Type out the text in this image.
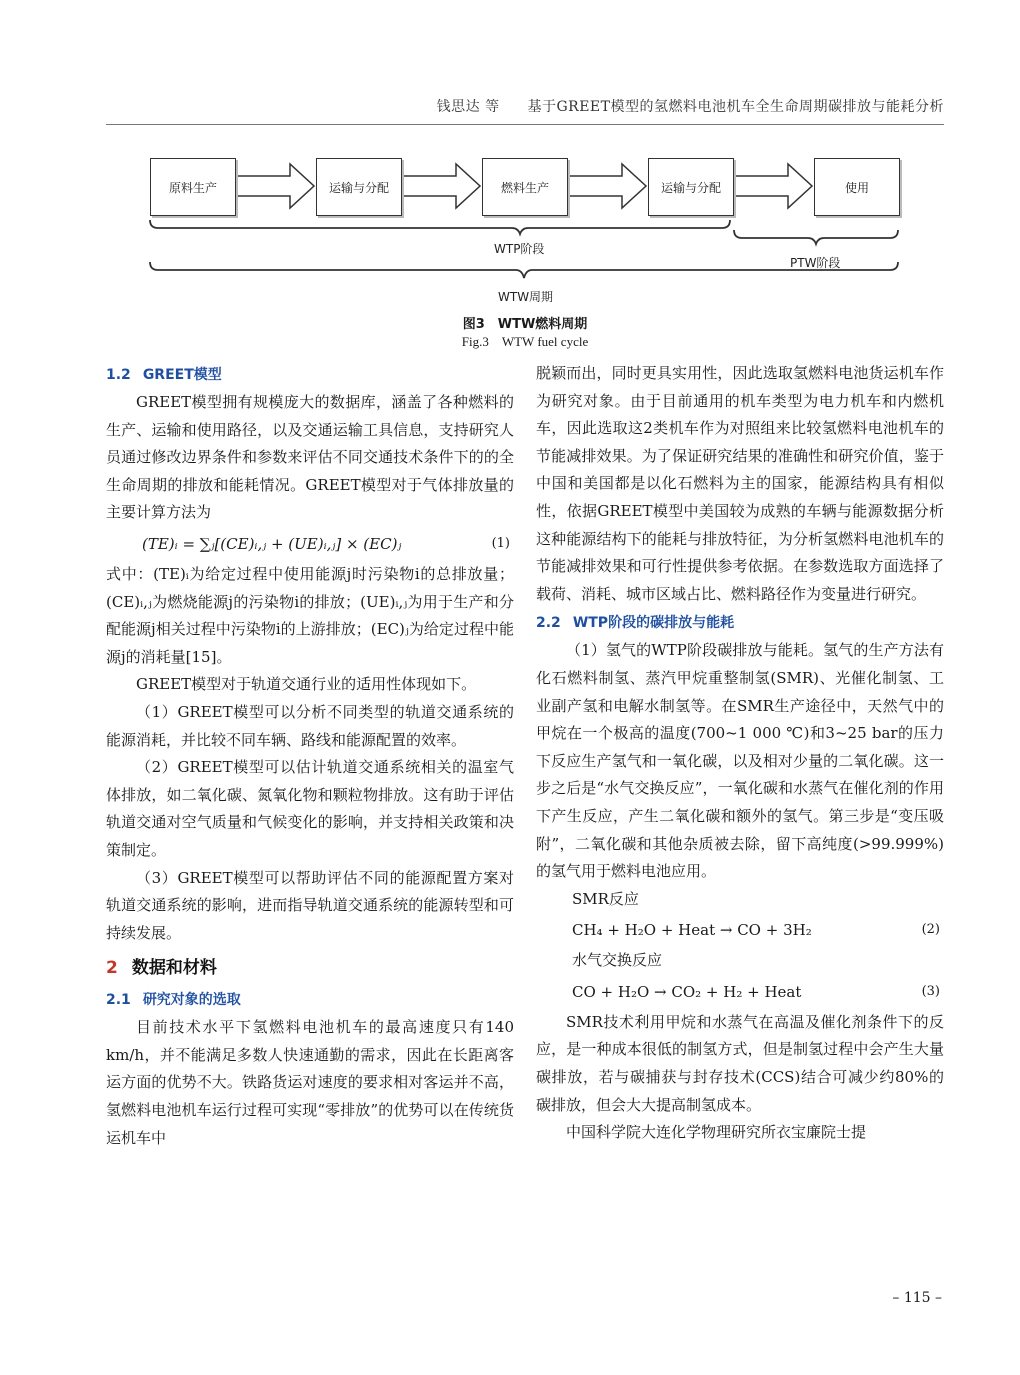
钱思达 等 基于GREET模型的氢燃料电池机车全生命周期碳排放与能耗分析
原料生产	运输与分配	燃料生产	运输与分配	使用
WTP阶段
PTW阶段
WTW周期
图3　WTW燃料周期
Fig.3　WTW fuel cycle
1.2 GREET模型

GREET模型拥有规模庞大的数据库，涵盖了各种燃料的生产、运输和使用路径，以及交通运输工具信息，支持研究人员通过修改边界条件和参数来评估不同交通技术条件下的的全生命周期的排放和能耗情况。GREET模型对于气体排放量的主要计算方法为

(TE)ᵢ = ∑ⱼ[(CE)ᵢ,ⱼ + (UE)ᵢ,ⱼ] × (EC)ⱼ	(1)

式中：(TE)ᵢ为给定过程中使用能源j时污染物i的总排放量；(CE)ᵢ,ⱼ为燃烧能源j的污染物i的排放；(UE)ᵢ,ⱼ为用于生产和分配能源j相关过程中污染物i的上游排放；(EC)ⱼ为给定过程中能源j的消耗量[15]。

GREET模型对于轨道交通行业的适用性体现如下。

（1）GREET模型可以分析不同类型的轨道交通系统的能源消耗，并比较不同车辆、路线和能源配置的效率。

（2）GREET模型可以估计轨道交通系统相关的温室气体排放，如二氧化碳、氮氧化物和颗粒物排放。这有助于评估轨道交通对空气质量和气候变化的影响，并支持相关政策和决策制定。

（3）GREET模型可以帮助评估不同的能源配置方案对轨道交通系统的影响，进而指导轨道交通系统的能源转型和可持续发展。

2 数据和材料
2.1 研究对象的选取

目前技术水平下氢燃料电池机车的最高速度只有140 km/h，并不能满足多数人快速通勤的需求，因此在长距离客运方面的优势不大。铁路货运对速度的要求相对客运并不高，氢燃料电池机车运行过程可实现“零排放”的优势可以在传统货运机车中

脱颖而出，同时更具实用性，因此选取氢燃料电池货运机车作为研究对象。由于目前通用的机车类型为电力机车和内燃机车，因此选取这2类机车作为对照组来比较氢燃料电池机车的节能减排效果。为了保证研究结果的准确性和研究价值，鉴于中国和美国都是以化石燃料为主的国家，能源结构具有相似性，依据GREET模型中美国较为成熟的车辆与能源数据分析这种能源结构下的能耗与排放特征，为分析氢燃料电池机车的节能减排效果和可行性提供参考依据。在参数选取方面选择了载荷、消耗、城市区域占比、燃料路径作为变量进行研究。

2.2 WTP阶段的碳排放与能耗

（1）氢气的WTP阶段碳排放与能耗。氢气的生产方法有化石燃料制氢、蒸汽甲烷重整制氢(SMR)、光催化制氢、工业副产氢和电解水制氢等。在SMR生产途径中，天然气中的甲烷在一个极高的温度(700~1 000 ℃)和3~25 bar的压力下反应生产氢气和一氧化碳，以及相对少量的二氧化碳。这一步之后是“水气交换反应”，一氧化碳和水蒸气在催化剂的作用下产生反应，产生二氧化碳和额外的氢气。第三步是“变压吸附”，二氧化碳和其他杂质被去除，留下高纯度(>99.999%)的氢气用于燃料电池应用。

SMR反应
CH₄ + H₂O + Heat → CO + 3H₂	(2)
水气交换反应
CO + H₂O → CO₂ + H₂ + Heat	(3)

SMR技术利用甲烷和水蒸气在高温及催化剂条件下的反应，是一种成本很低的制氢方式，但是制氢过程中会产生大量碳排放，若与碳捕获与封存技术(CCS)结合可减少约80%的碳排放，但会大大提高制氢成本。

中国科学院大连化学物理研究所衣宝廉院士提

– 115 –
